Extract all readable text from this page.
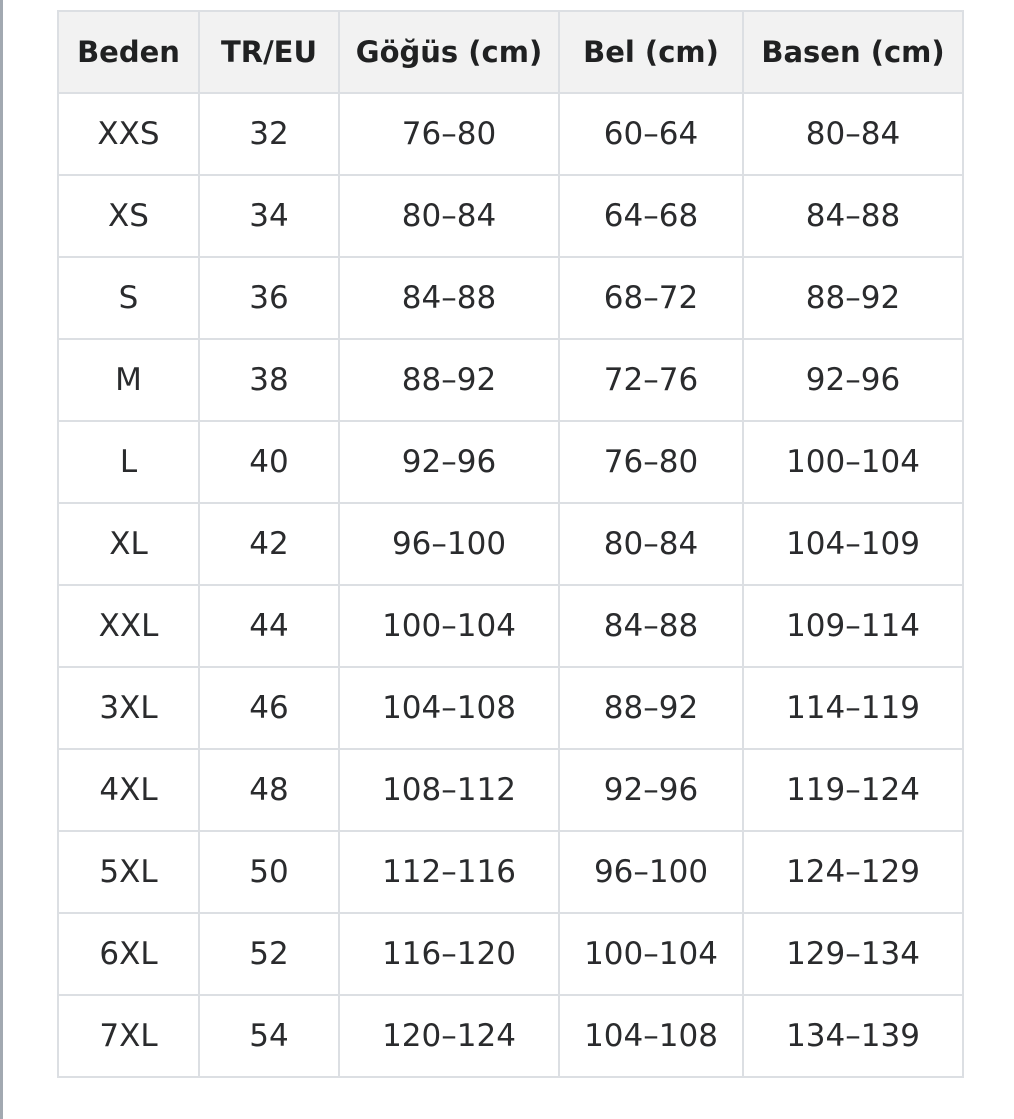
Beden	TR/EU	Göğüs (cm)	Bel (cm)	Basen (cm)
XXS	32	76–80	60–64	80–84
XS	34	80–84	64–68	84–88
S	36	84–88	68–72	88–92
M	38	88–92	72–76	92–96
L	40	92–96	76–80	100–104
XL	42	96–100	80–84	104–109
XXL	44	100–104	84–88	109–114
3XL	46	104–108	88–92	114–119
4XL	48	108–112	92–96	119–124
5XL	50	112–116	96–100	124–129
6XL	52	116–120	100–104	129–134
7XL	54	120–124	104–108	134–139
